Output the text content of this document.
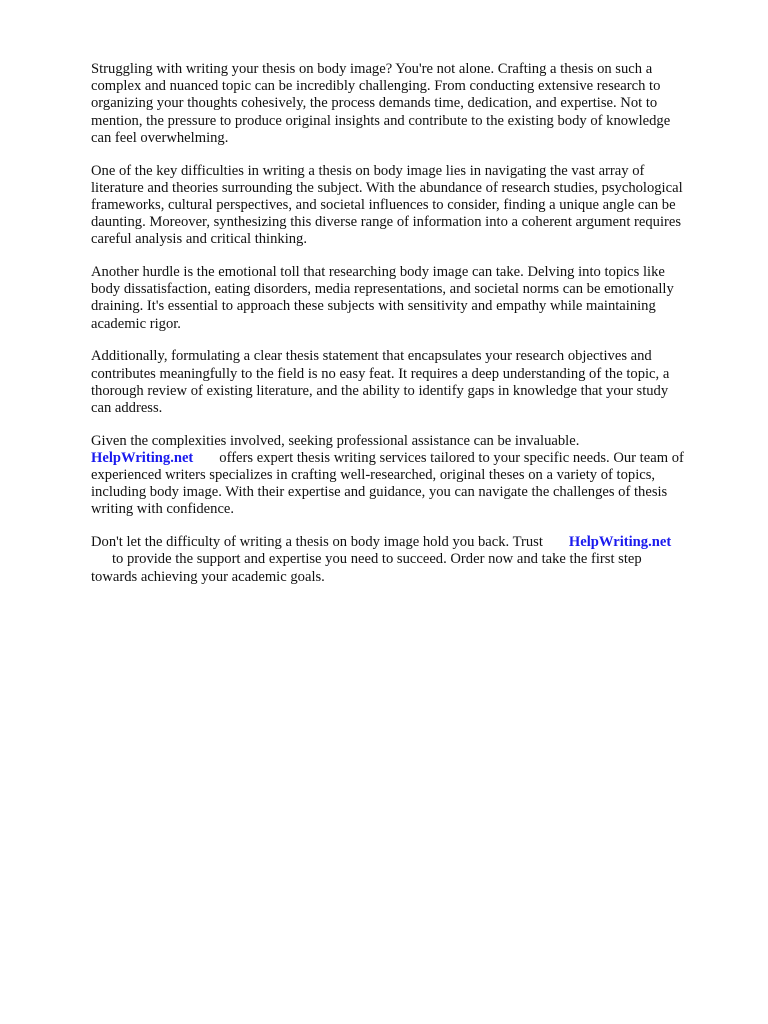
Struggling with writing your thesis on body image? You're not alone. Crafting a thesis on such a
complex and nuanced topic can be incredibly challenging. From conducting extensive research to
organizing your thoughts cohesively, the process demands time, dedication, and expertise. Not to
mention, the pressure to produce original insights and contribute to the existing body of knowledge
can feel overwhelming.

One of the key difficulties in writing a thesis on body image lies in navigating the vast array of
literature and theories surrounding the subject. With the abundance of research studies, psychological
frameworks, cultural perspectives, and societal influences to consider, finding a unique angle can be
daunting. Moreover, synthesizing this diverse range of information into a coherent argument requires
careful analysis and critical thinking.

Another hurdle is the emotional toll that researching body image can take. Delving into topics like
body dissatisfaction, eating disorders, media representations, and societal norms can be emotionally
draining. It's essential to approach these subjects with sensitivity and empathy while maintaining
academic rigor.

Additionally, formulating a clear thesis statement that encapsulates your research objectives and
contributes meaningfully to the field is no easy feat. It requires a deep understanding of the topic, a
thorough review of existing literature, and the ability to identify gaps in knowledge that your study
can address.

Given the complexities involved, seeking professional assistance can be invaluable.
HelpWriting.net offers expert thesis writing services tailored to your specific needs. Our team of
experienced writers specializes in crafting well-researched, original theses on a variety of topics,
including body image. With their expertise and guidance, you can navigate the challenges of thesis
writing with confidence.

Don't let the difficulty of writing a thesis on body image hold you back. Trust HelpWriting.net
to provide the support and expertise you need to succeed. Order now and take the first step
towards achieving your academic goals.
